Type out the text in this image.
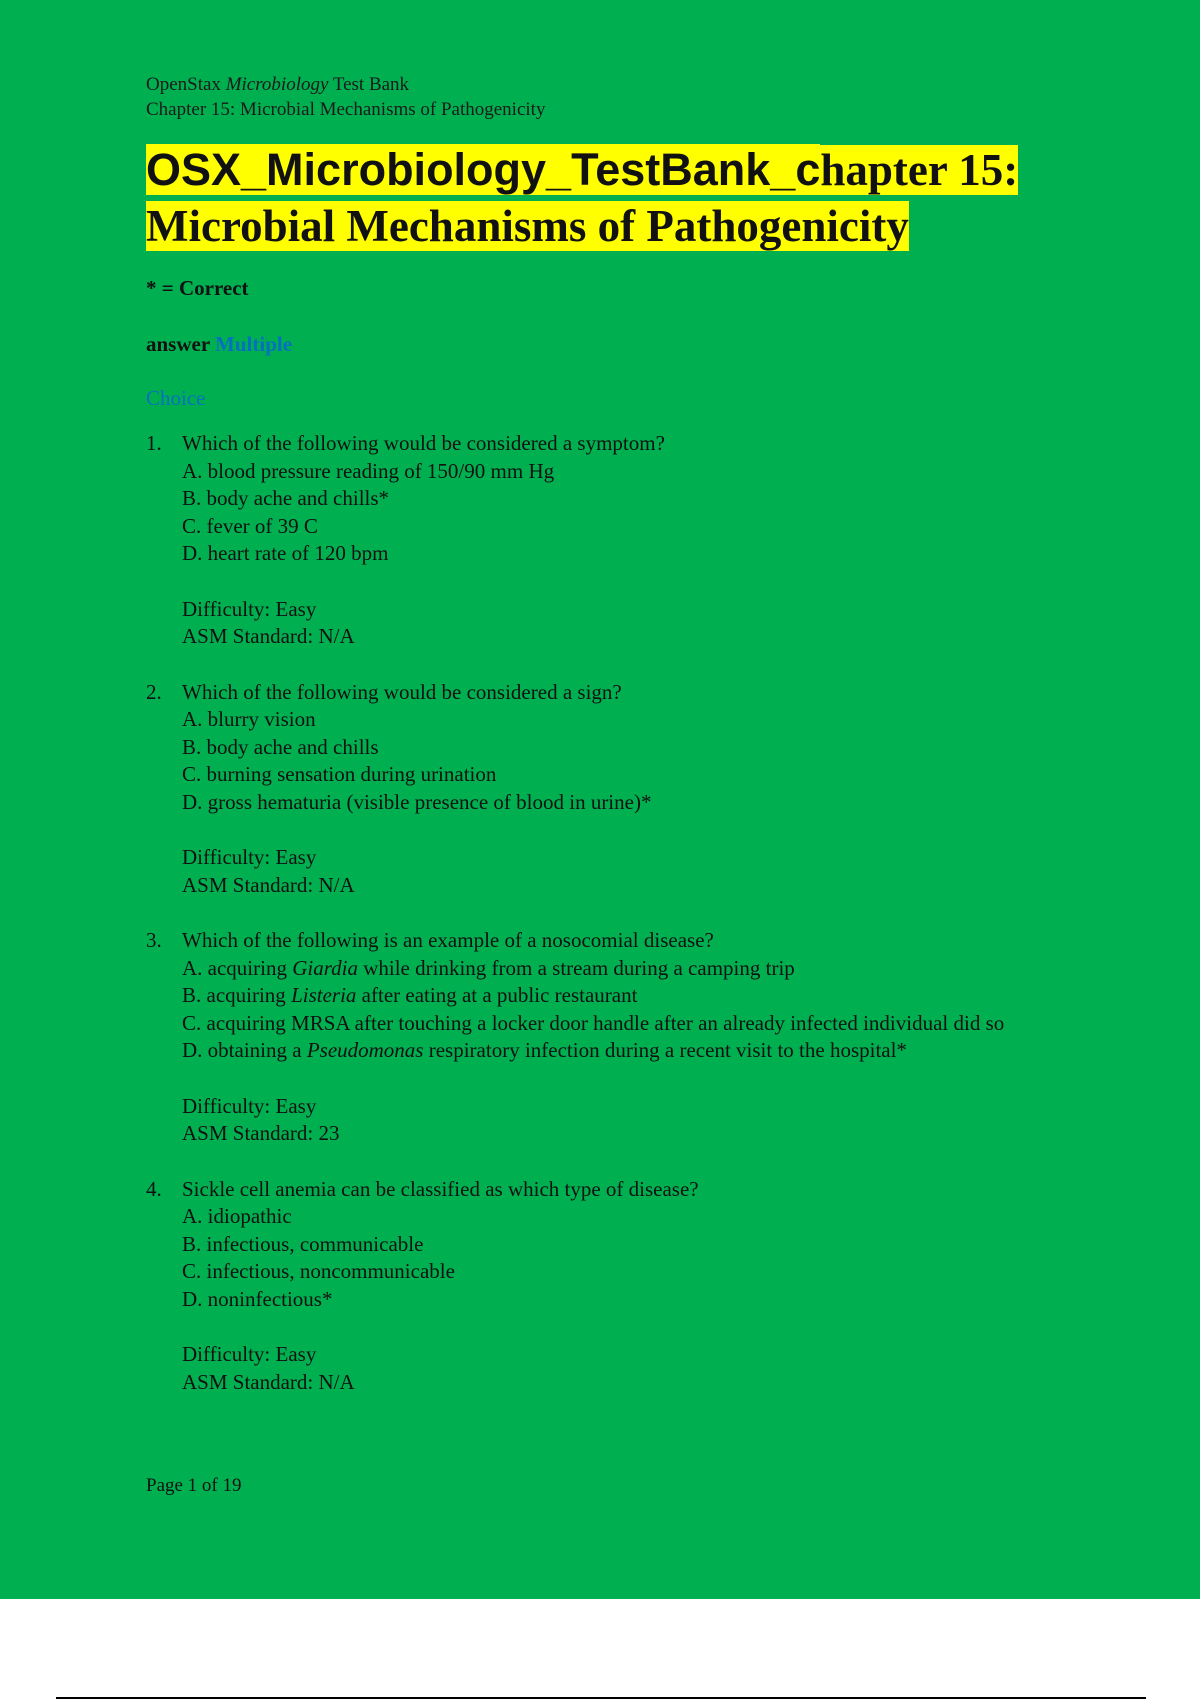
OpenStax Microbiology Test Bank
Chapter 15: Microbial Mechanisms of Pathogenicity
OSX_Microbiology_TestBank_chapter 15:
Microbial Mechanisms of Pathogenicity
* = Correct
answer Multiple
Choice
1. Which of the following would be considered a symptom?
A. blood pressure reading of 150/90 mm Hg
B. body ache and chills*
C. fever of 39 C
D. heart rate of 120 bpm
Difficulty: Easy
ASM Standard: N/A
2. Which of the following would be considered a sign?
A. blurry vision
B. body ache and chills
C. burning sensation during urination
D. gross hematuria (visible presence of blood in urine)*
Difficulty: Easy
ASM Standard: N/A
3. Which of the following is an example of a nosocomial disease?
A. acquiring Giardia while drinking from a stream during a camping trip
B. acquiring Listeria after eating at a public restaurant
C. acquiring MRSA after touching a locker door handle after an already infected individual did so
D. obtaining a Pseudomonas respiratory infection during a recent visit to the hospital*
Difficulty: Easy
ASM Standard: 23
4. Sickle cell anemia can be classified as which type of disease?
A. idiopathic
B. infectious, communicable
C. infectious, noncommunicable
D. noninfectious*
Difficulty: Easy
ASM Standard: N/A
Page 1 of 19
